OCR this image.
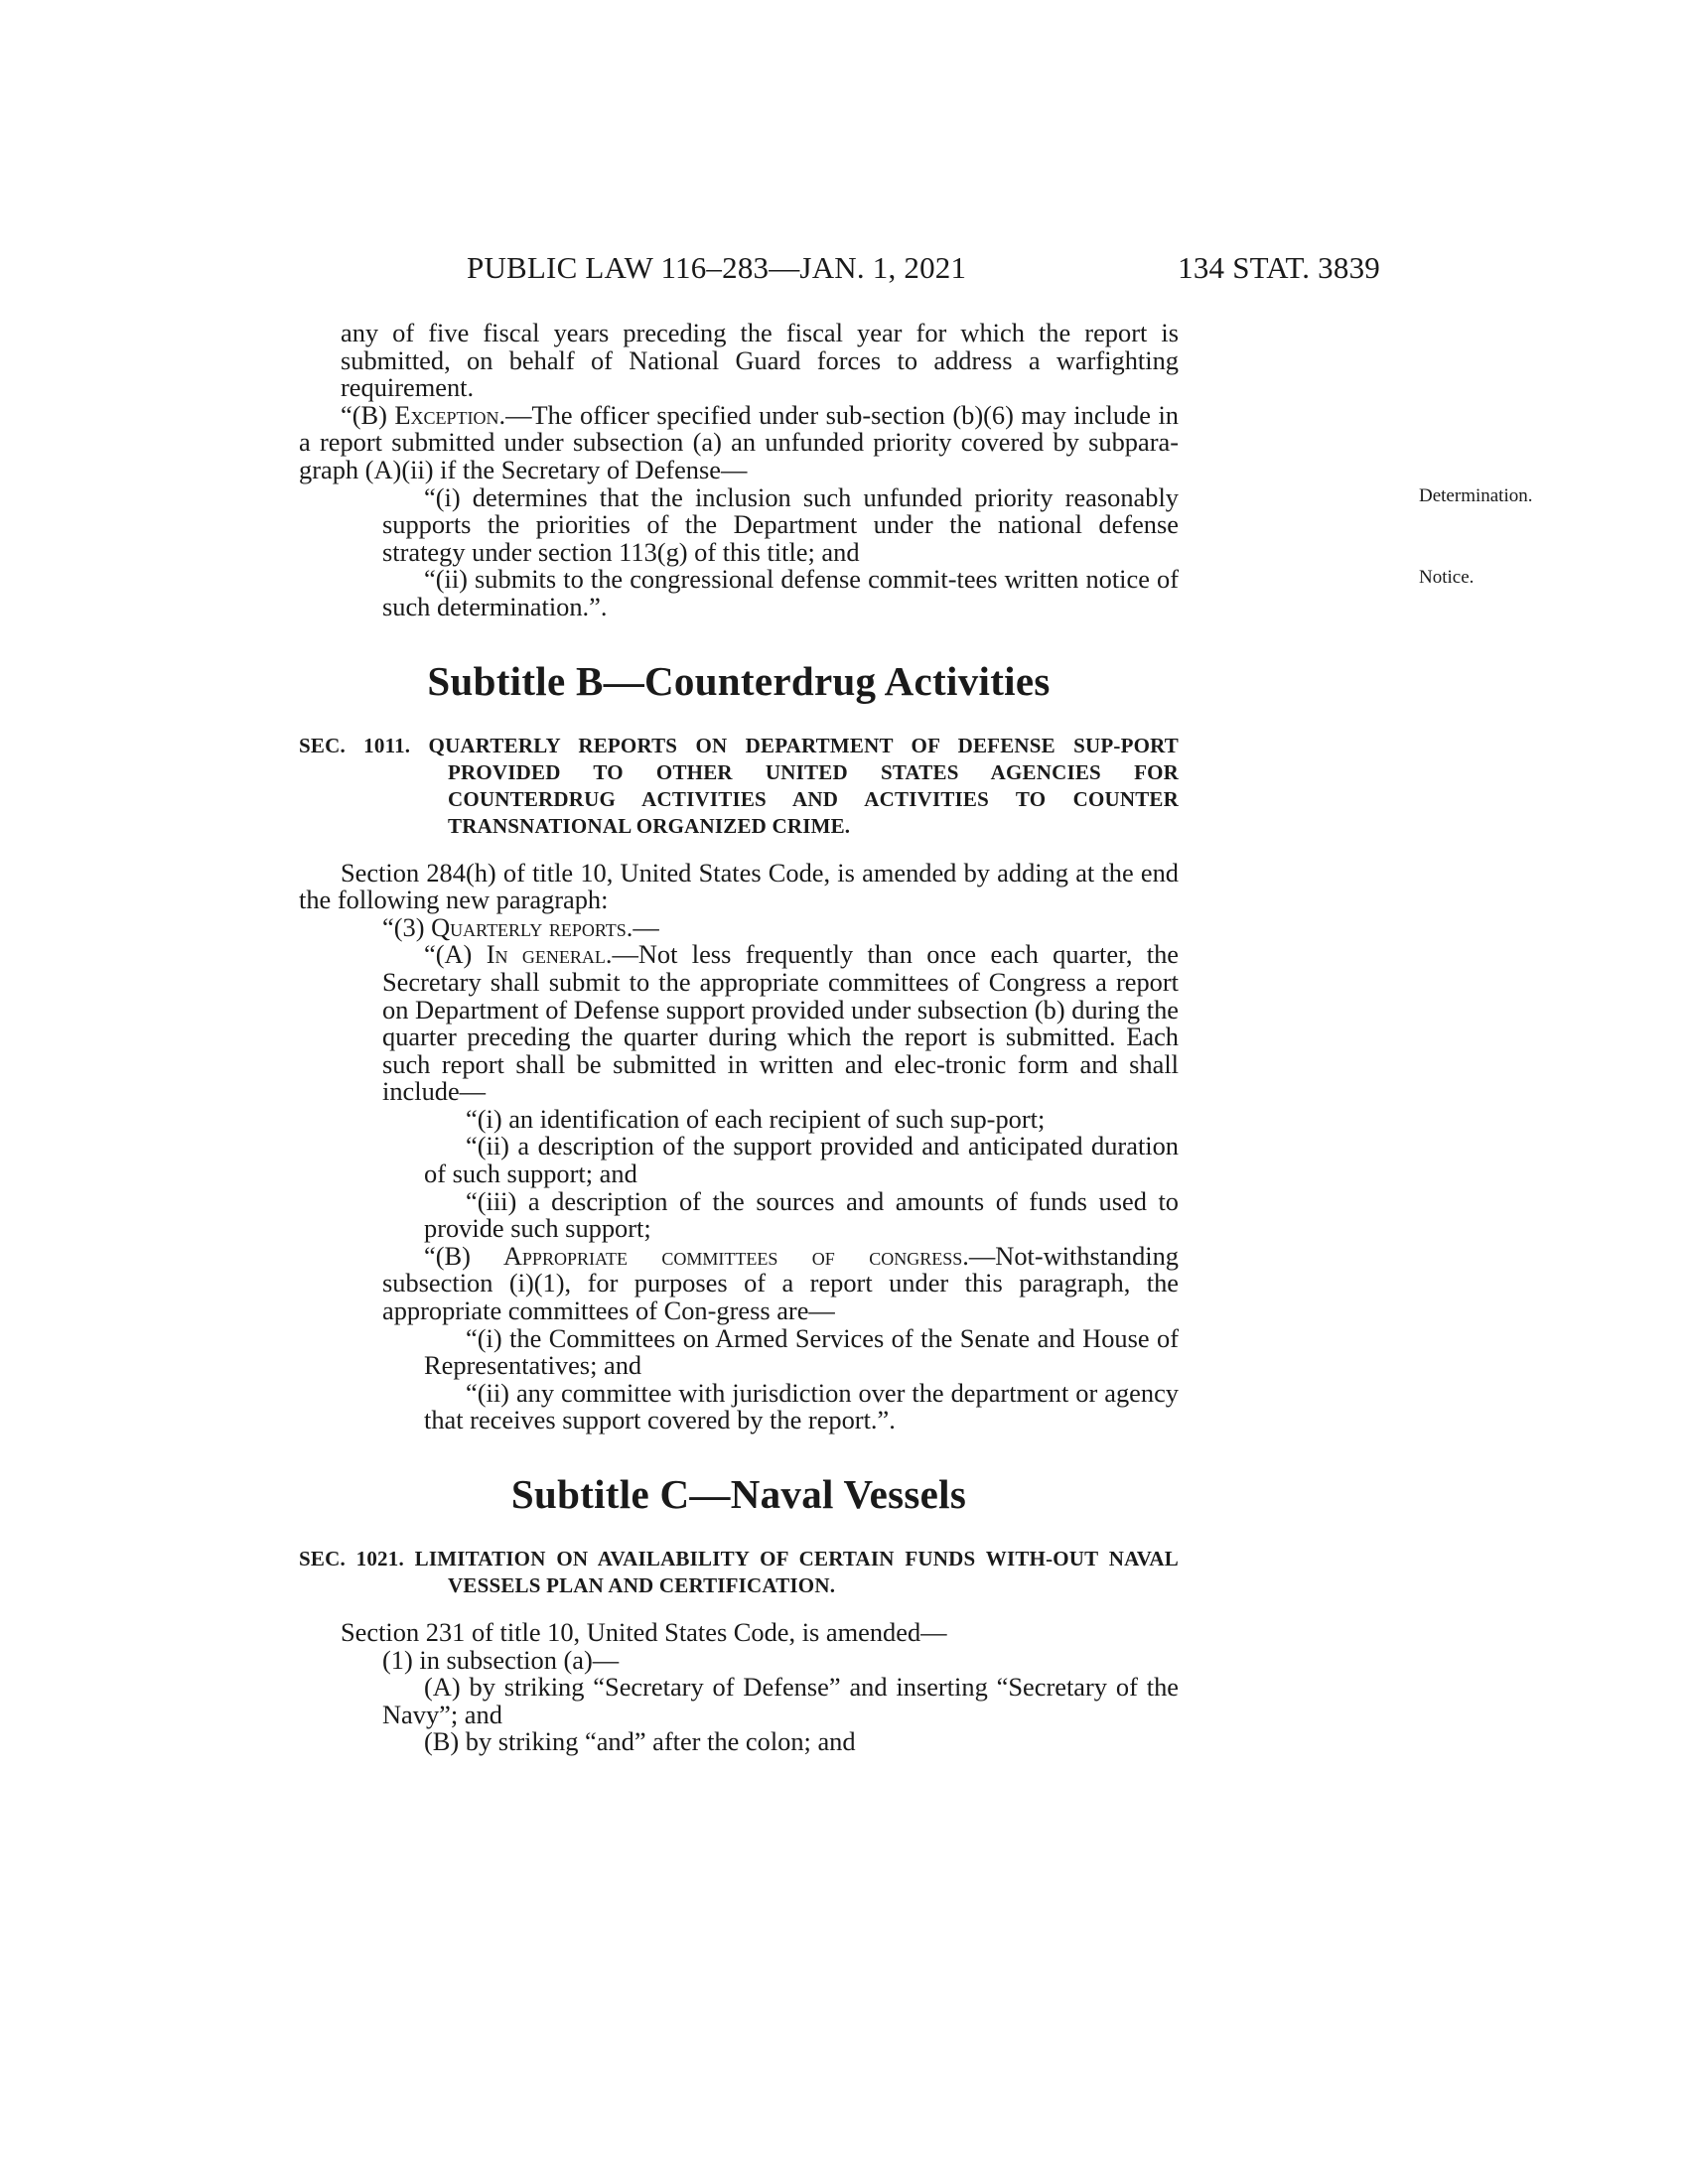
PUBLIC LAW 116–283—JAN. 1, 2021	134 STAT. 3839

any of five fiscal years preceding the fiscal year for which the report is submitted, on behalf of National Guard forces to address a warfighting requirement.

“(B) Exception.—The officer specified under sub-section (b)(6) may include in a report submitted under subsection (a) an unfunded priority covered by subpara-graph (A)(ii) if the Secretary of Defense—

“(i) determines that the inclusion such unfunded priority reasonably supports the priorities of the Department under the national defense strategy under section 113(g) of this title; and
Determination.

“(ii) submits to the congressional defense commit-tees written notice of such determination.”.
Notice.

Subtitle B—Counterdrug Activities
SEC. 1011. QUARTERLY REPORTS ON DEPARTMENT OF DEFENSE SUP-PORT PROVIDED TO OTHER UNITED STATES AGENCIES FOR COUNTERDRUG ACTIVITIES AND ACTIVITIES TO COUNTER TRANSNATIONAL ORGANIZED CRIME.

Section 284(h) of title 10, United States Code, is amended by adding at the end the following new paragraph:

“(3) Quarterly reports.—

“(A) In general.—Not less frequently than once each quarter, the Secretary shall submit to the appropriate committees of Congress a report on Department of Defense support provided under subsection (b) during the quarter preceding the quarter during which the report is submitted. Each such report shall be submitted in written and elec-tronic form and shall include—

“(i) an identification of each recipient of such sup-port;

“(ii) a description of the support provided and anticipated duration of such support; and

“(iii) a description of the sources and amounts of funds used to provide such support;

“(B) Appropriate committees of congress.—Not-withstanding subsection (i)(1), for purposes of a report under this paragraph, the appropriate committees of Con-gress are—

“(i) the Committees on Armed Services of the Senate and House of Representatives; and

“(ii) any committee with jurisdiction over the department or agency that receives support covered by the report.”.

Subtitle C—Naval Vessels
SEC. 1021. LIMITATION ON AVAILABILITY OF CERTAIN FUNDS WITH-OUT NAVAL VESSELS PLAN AND CERTIFICATION.

Section 231 of title 10, United States Code, is amended—

(1) in subsection (a)—

(A) by striking “Secretary of Defense” and inserting “Secretary of the Navy”; and

(B) by striking “and” after the colon; and
